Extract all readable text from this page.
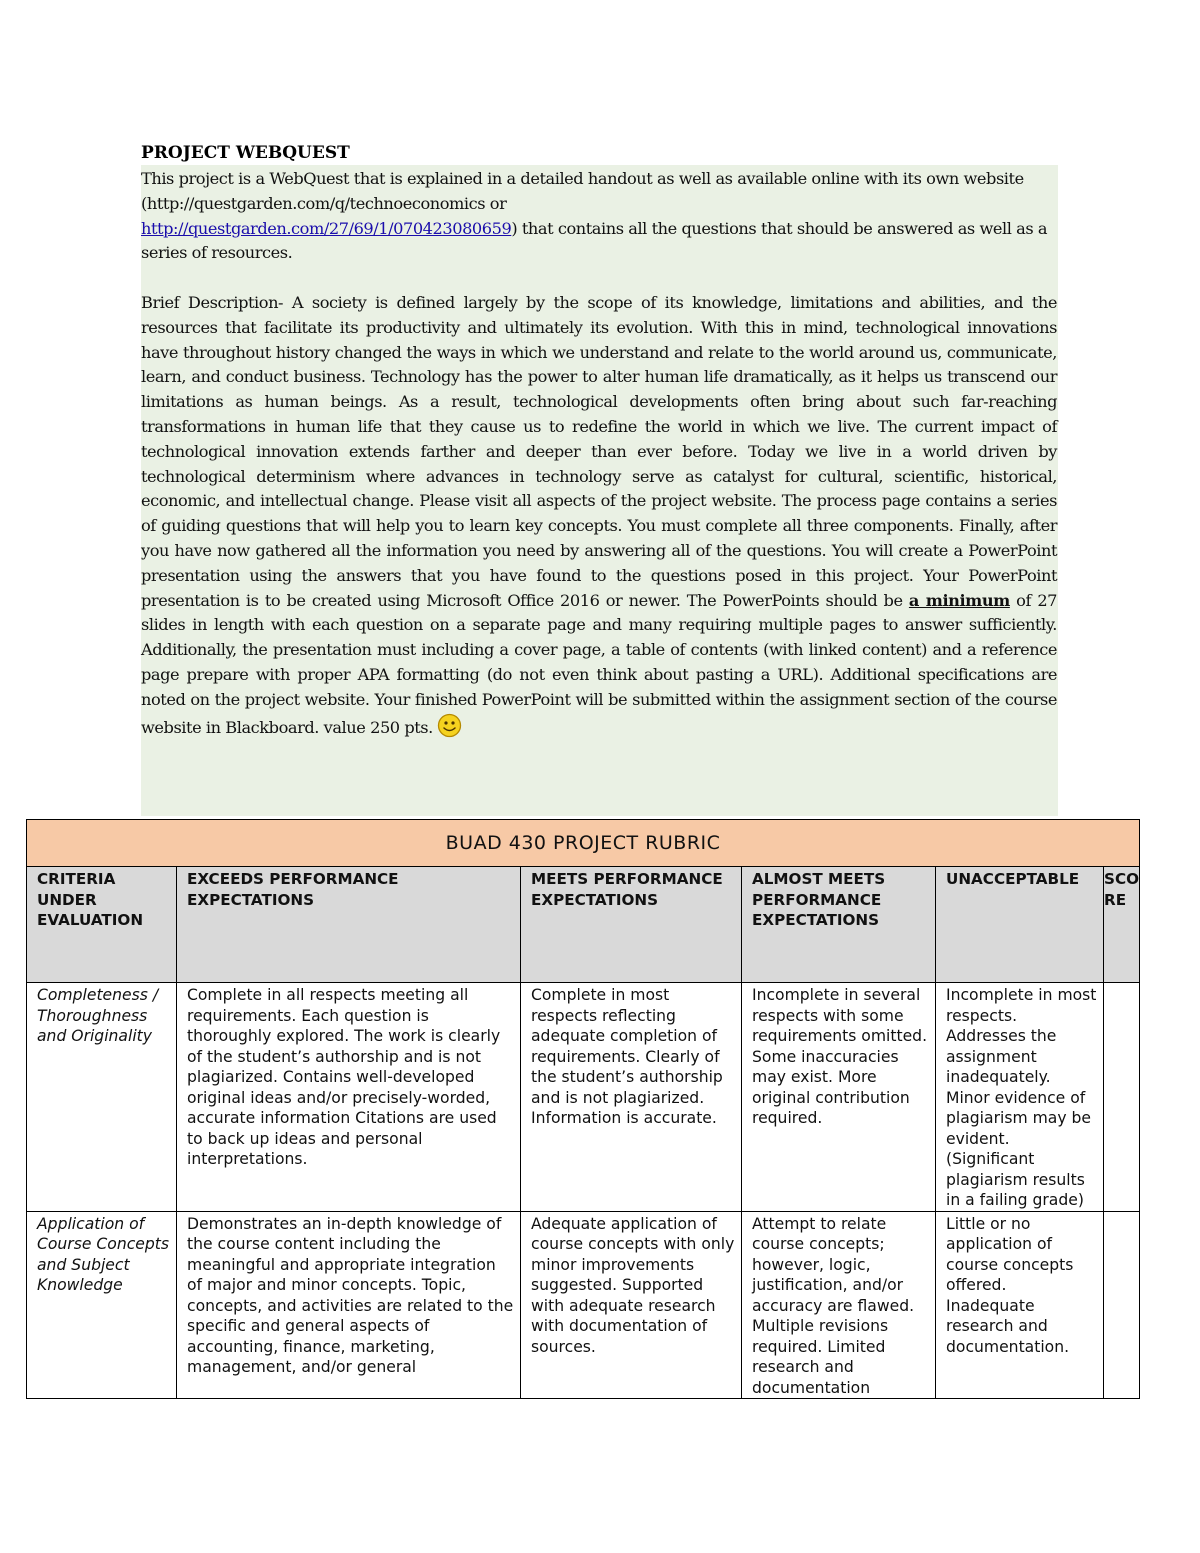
PROJECT WEBQUEST

This project is a WebQuest that is explained in a detailed handout as well as available online with its own website (http://questgarden.com/q/technoeconomics or
http://questgarden.com/27/69/1/070423080659) that contains all the questions that should be answered as well as a series of resources.

Brief Description- A society is defined largely by the scope of its knowledge, limitations and abilities, and the resources that facilitate its productivity and ultimately its evolution. With this in mind, technological innovations have throughout history changed the ways in which we understand and relate to the world around us, communicate, learn, and conduct business. Technology has the power to alter human life dramatically, as it helps us transcend our limitations as human beings. As a result, technological developments often bring about such far-reaching transformations in human life that they cause us to redefine the world in which we live. The current impact of technological innovation extends farther and deeper than ever before. Today we live in a world driven by technological determinism where advances in technology serve as catalyst for cultural, scientific, historical, economic, and intellectual change. Please visit all aspects of the project website. The process page contains a series of guiding questions that will help you to learn key concepts. You must complete all three components. Finally, after you have now gathered all the information you need by answering all of the questions. You will create a PowerPoint presentation using the answers that you have found to the questions posed in this project. Your PowerPoint presentation is to be created using Microsoft Office 2016 or newer. The PowerPoints should be a minimum of 27 slides in length with each question on a separate page and many requiring multiple pages to answer sufficiently. Additionally, the presentation must including a cover page, a table of contents (with linked content) and a reference page prepare with proper APA formatting (do not even think about pasting a URL). Additional specifications are noted on the project website. Your finished PowerPoint will be submitted within the assignment section of the course website in Blackboard. value 250 pts.

BUAD 430 PROJECT RUBRIC					
CRITERIA UNDER EVALUATION	EXCEEDS PERFORMANCE EXPECTATIONS	MEETS PERFORMANCE EXPECTATIONS	ALMOST MEETS PERFORMANCE EXPECTATIONS	UNACCEPTABLE	SCORE
Completeness / Thoroughness and Originality	Complete in all respects meeting all requirements. Each question is thoroughly explored. The work is clearly of the student’s authorship and is not plagiarized. Contains well-developed original ideas and/or precisely-worded, accurate information Citations are used to back up ideas and personal interpretations.	Complete in most respects reflecting adequate completion of requirements. Clearly of the student’s authorship and is not plagiarized. Information is accurate.	Incomplete in several respects with some requirements omitted. Some inaccuracies may exist. More original contribution required.	Incomplete in most respects. Addresses the assignment inadequately. Minor evidence of plagiarism may be evident. (Significant plagiarism results in a failing grade)	
Application of Course Concepts and Subject Knowledge	Demonstrates an in-depth knowledge of the course content including the meaningful and appropriate integration of major and minor concepts. Topic, concepts, and activities are related to the specific and general aspects of accounting, finance, marketing, management, and/or general	Adequate application of course concepts with only minor improvements suggested. Supported with adequate research with documentation of sources.	Attempt to relate course concepts; however, logic, justification, and/or accuracy are flawed. Multiple revisions required. Limited research and documentation	Little or no application of course concepts offered. Inadequate research and documentation.	
